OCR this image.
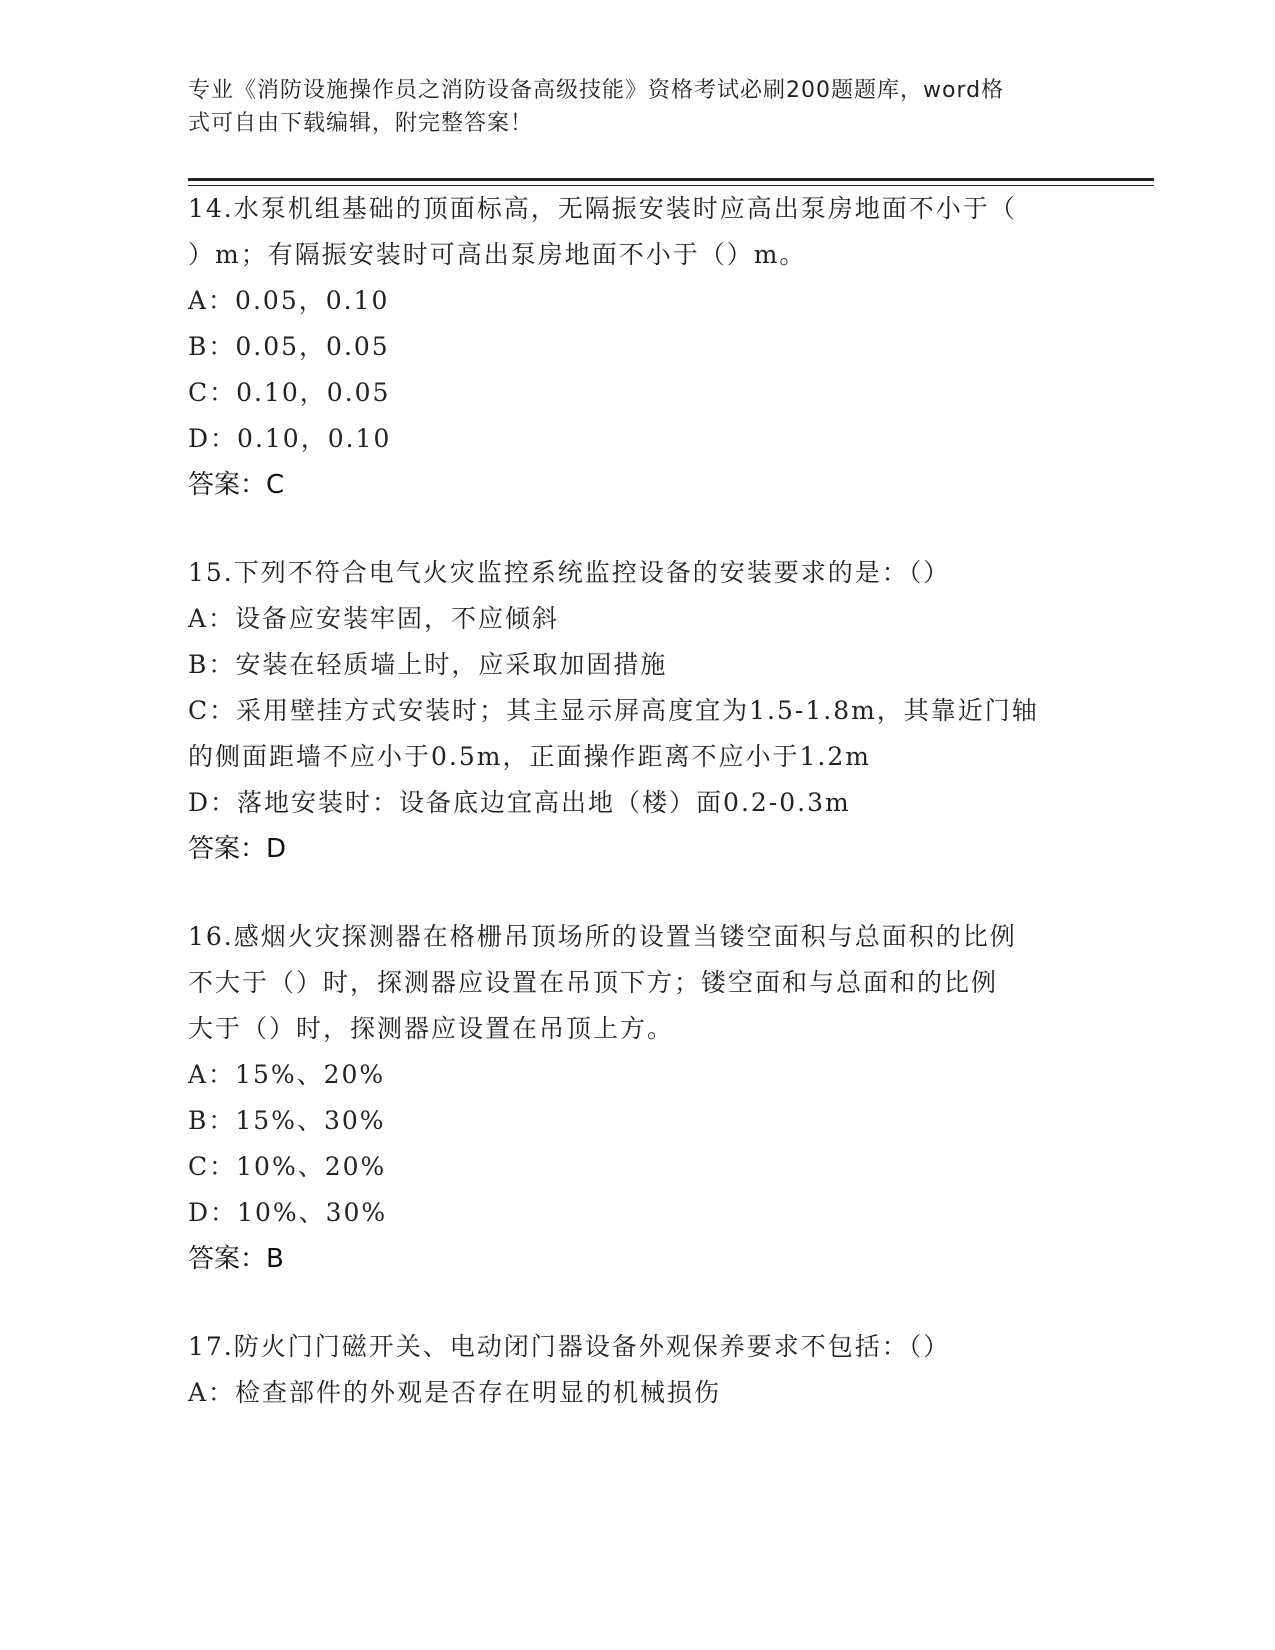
专业《消防设施操作员之消防设备高级技能》资格考试必刷200题题库，word格
式可自由下载编辑，附完整答案！
14.水泵机组基础的顶面标高，无隔振安装时应高出泵房地面不小于（
）m；有隔振安装时可高出泵房地面不小于（）m。
A：0.05，0.10
B：0.05，0.05
C：0.10，0.05
D：0.10，0.10
答案：C
15.下列不符合电气火灾监控系统监控设备的安装要求的是：（）
A：设备应安装牢固，不应倾斜
B：安装在轻质墙上时，应采取加固措施
C：采用壁挂方式安装时；其主显示屏高度宜为1.5-1.8m，其靠近门轴
的侧面距墙不应小于0.5m，正面操作距离不应小于1.2m
D：落地安装时：设备底边宜高出地（楼）面0.2-0.3m
答案：D
16.感烟火灾探测器在格栅吊顶场所的设置当镂空面积与总面积的比例
不大于（）时，探测器应设置在吊顶下方；镂空面和与总面和的比例
大于（）时，探测器应设置在吊顶上方。
A：15%、20%
B：15%、30%
C：10%、20%
D：10%、30%
答案：B
17.防火门门磁开关、电动闭门器设备外观保养要求不包括：（）
A：检查部件的外观是否存在明显的机械损伤
